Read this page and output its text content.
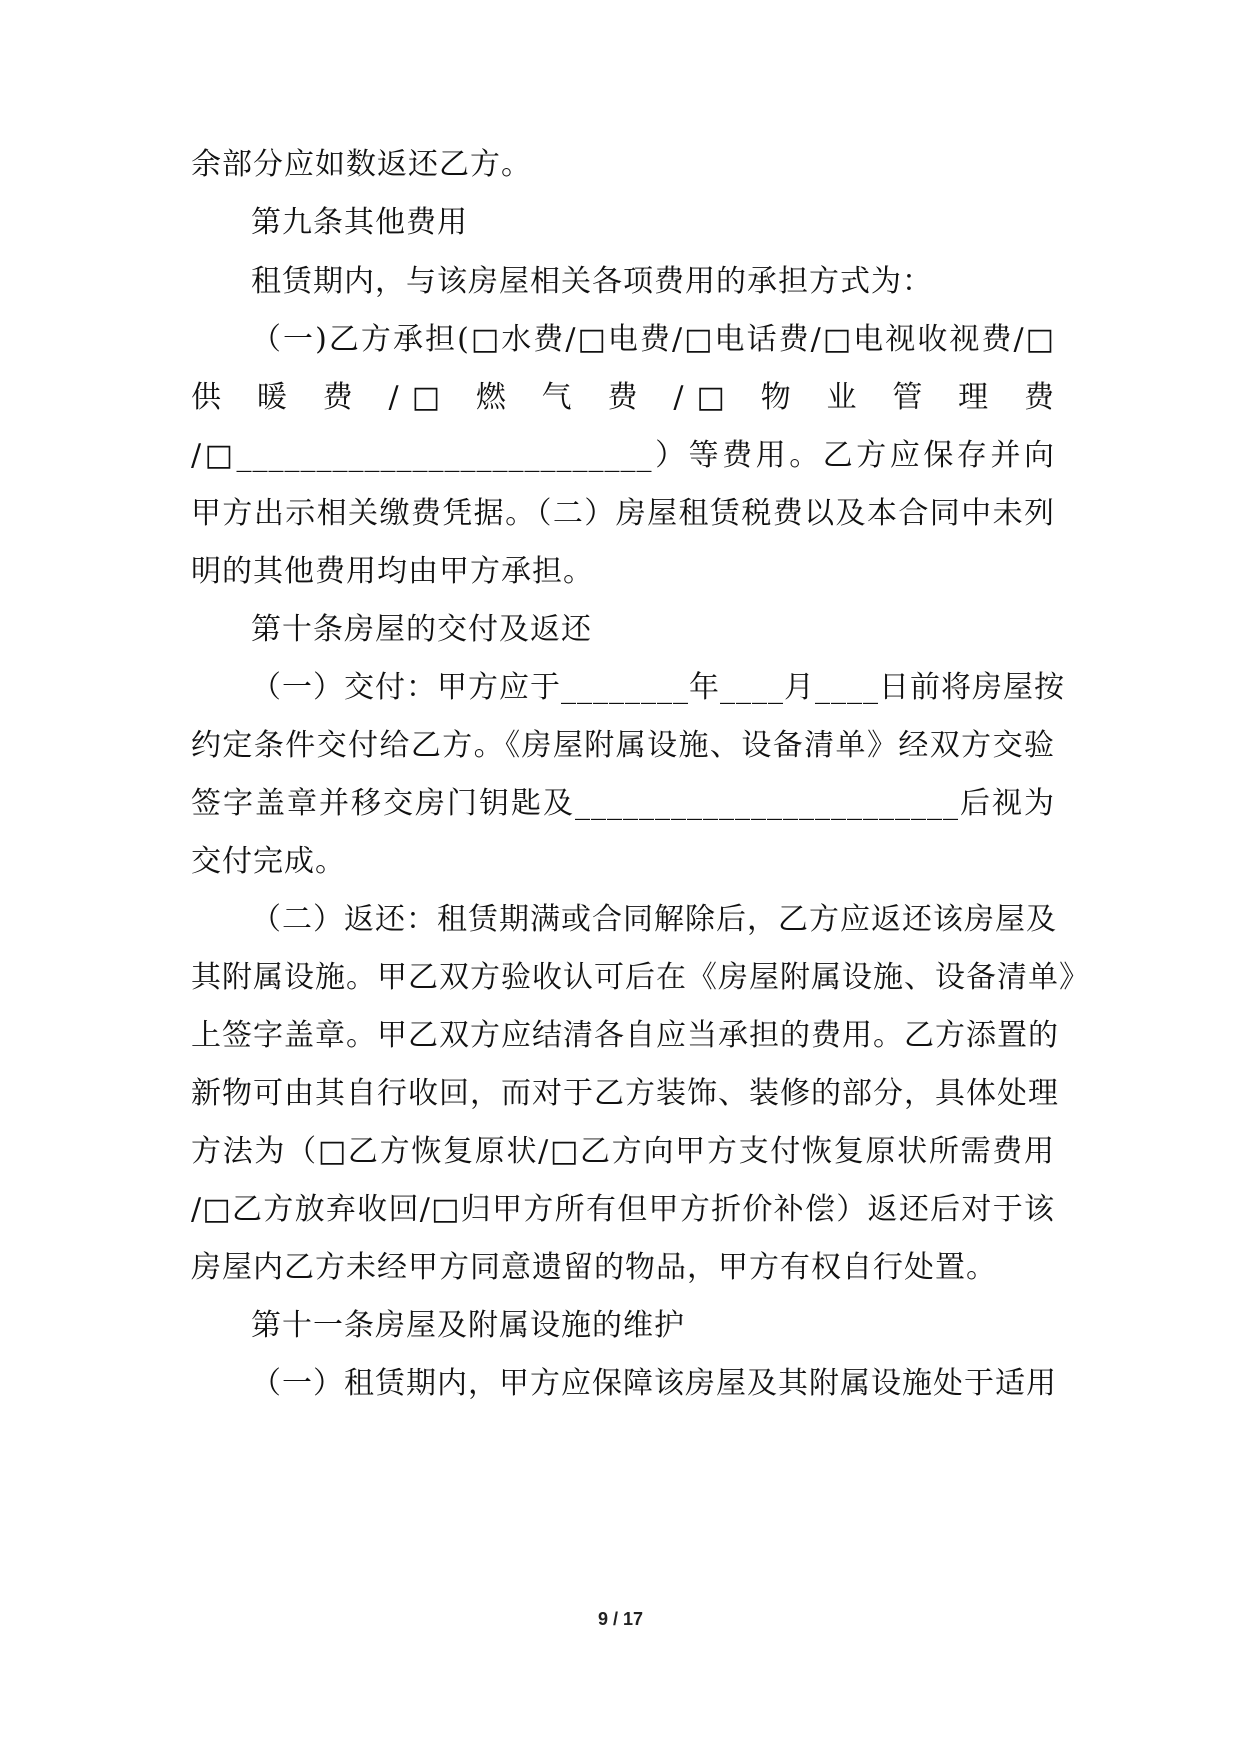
余部分应如数返还乙方。
第九条其他费用
租赁期内，与该房屋相关各项费用的承担方式为：
（一)乙方承担(□水费/□电费/□电话费/□电视收视费/□
供 暖 费 /□ 燃 气 费 /□ 物 业 管 理 费
/□__________________________）等费用。乙方应保存并向
甲方出示相关缴费凭据。（二）房屋租赁税费以及本合同中未列
明的其他费用均由甲方承担。
第十条房屋的交付及返还
（一）交付：甲方应于________年____月____日前将房屋按
约定条件交付给乙方。《房屋附属设施、设备清单》经双方交验
签字盖章并移交房门钥匙及________________________后视为
交付完成。
（二）返还：租赁期满或合同解除后，乙方应返还该房屋及
其附属设施。甲乙双方验收认可后在《房屋附属设施、设备清单》
上签字盖章。甲乙双方应结清各自应当承担的费用。乙方添置的
新物可由其自行收回，而对于乙方装饰、装修的部分，具体处理
方法为（□乙方恢复原状/□乙方向甲方支付恢复原状所需费用
/□乙方放弃收回/□归甲方所有但甲方折价补偿）返还后对于该
房屋内乙方未经甲方同意遗留的物品，甲方有权自行处置。
第十一条房屋及附属设施的维护
（一）租赁期内，甲方应保障该房屋及其附属设施处于适用
9 / 17
